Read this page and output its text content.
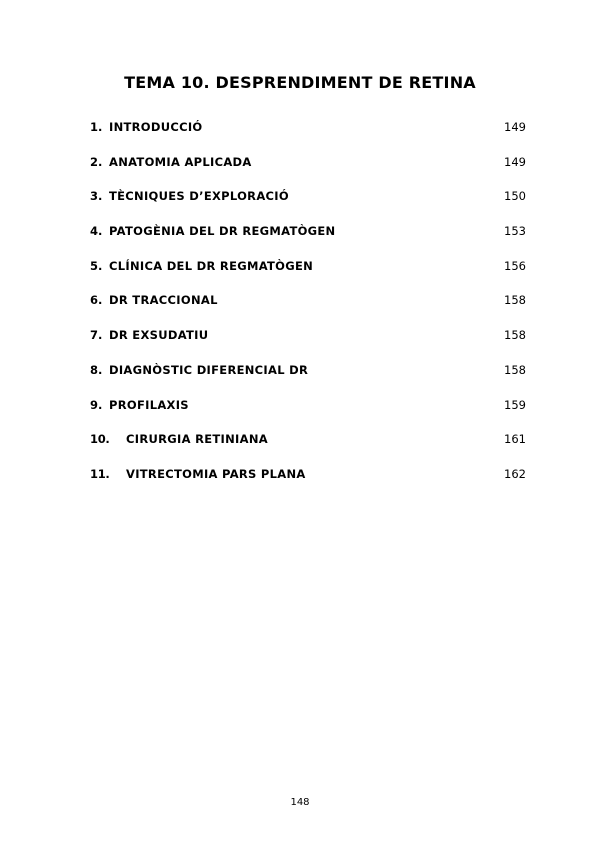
TEMA 10. DESPRENDIMENT DE RETINA
1. INTRODUCCIÓ	149
2. ANATOMIA APLICADA	149
3. TÈCNIQUES D’EXPLORACIÓ	150
4. PATOGÈNIA DEL DR REGMATÒGEN	153
5. CLÍNICA DEL DR REGMATÒGEN	156
6. DR TRACCIONAL	158
7. DR EXSUDATIU	158
8. DIAGNÒSTIC DIFERENCIAL DR	158
9. PROFILAXIS	159
10. CIRURGIA RETINIANA	161
11. VITRECTOMIA PARS PLANA	162
148
